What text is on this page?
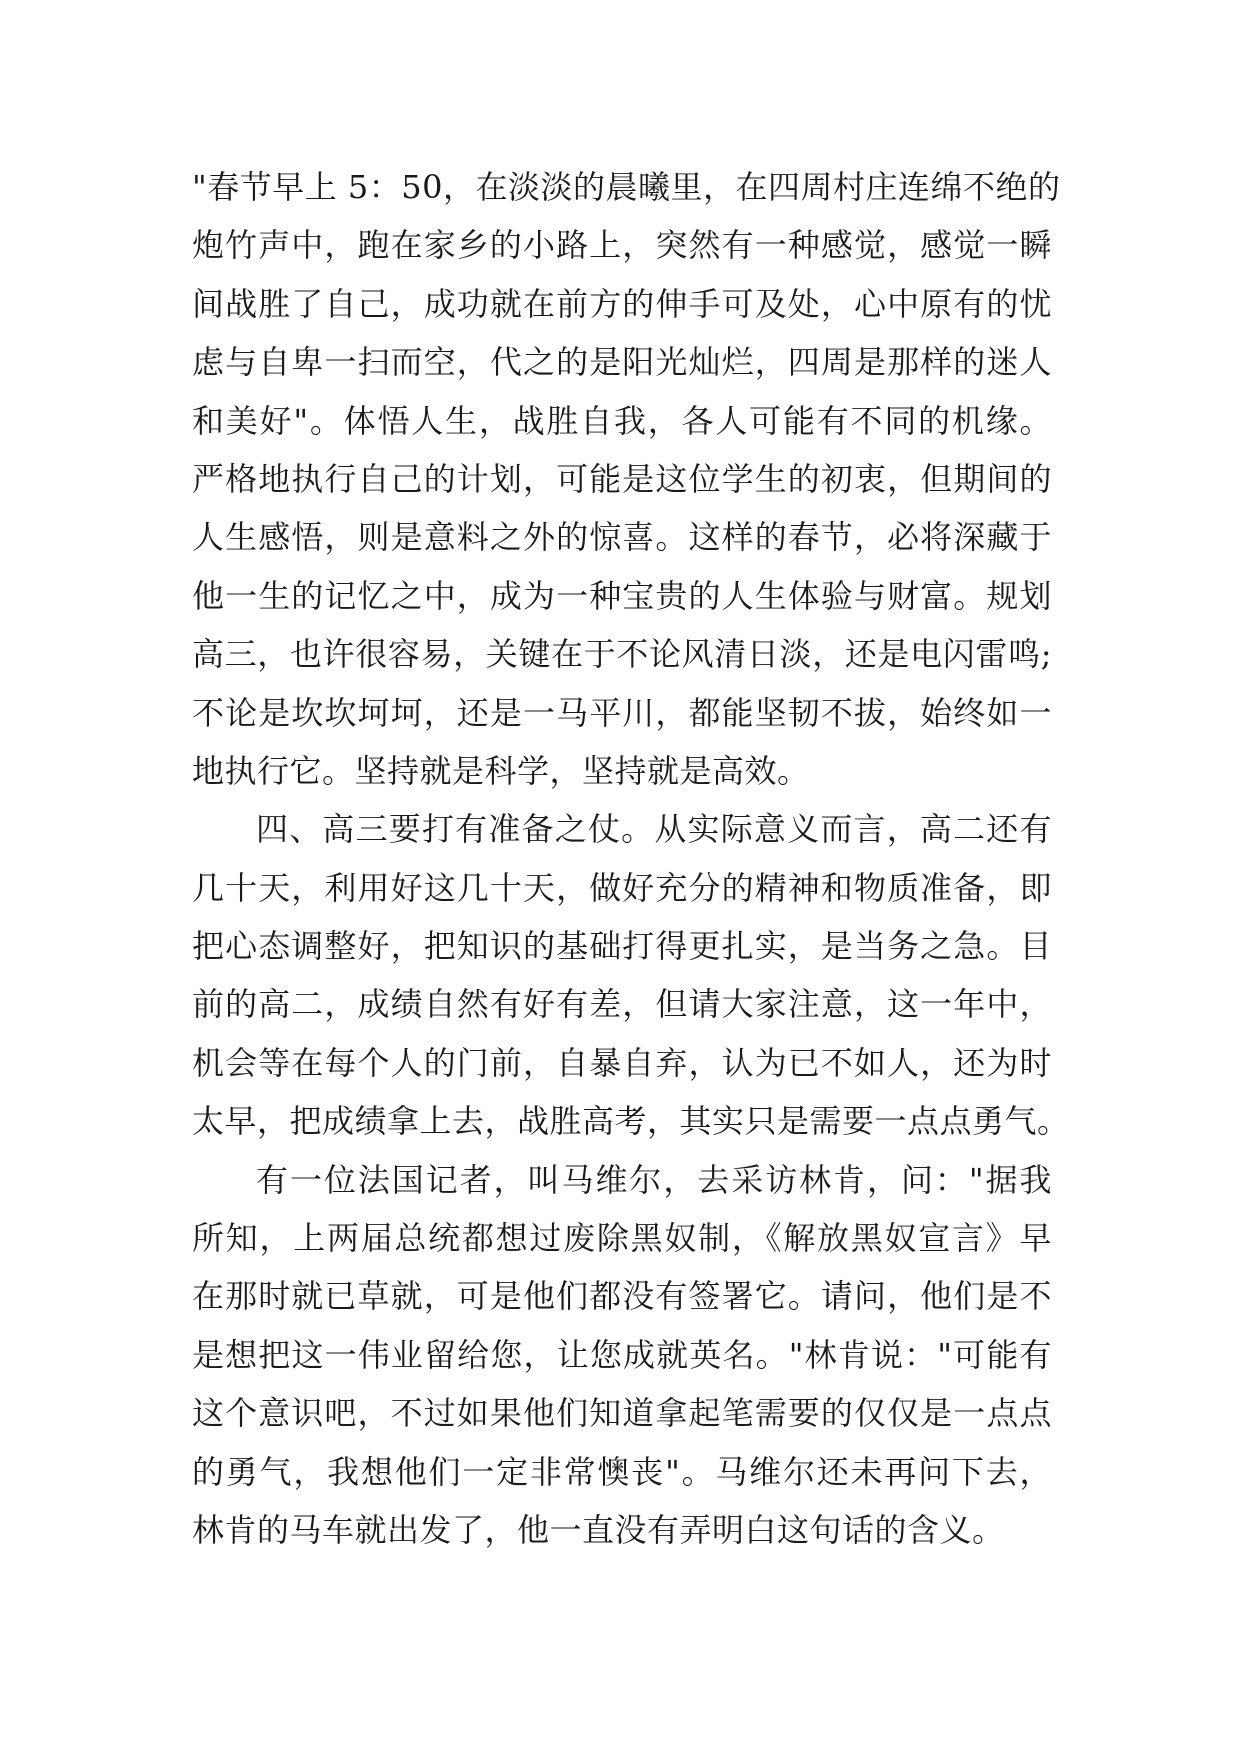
"春节早上 5：50，在淡淡的晨曦里，在四周村庄连绵不绝的
炮竹声中，跑在家乡的小路上，突然有一种感觉，感觉一瞬
间战胜了自己，成功就在前方的伸手可及处，心中原有的忧
虑与自卑一扫而空，代之的是阳光灿烂，四周是那样的迷人
和美好"。体悟人生，战胜自我，各人可能有不同的机缘。
严格地执行自己的计划，可能是这位学生的初衷，但期间的
人生感悟，则是意料之外的惊喜。这样的春节，必将深藏于
他一生的记忆之中，成为一种宝贵的人生体验与财富。规划
高三，也许很容易，关键在于不论风清日淡，还是电闪雷鸣;
不论是坎坎坷坷，还是一马平川，都能坚韧不拔，始终如一
地执行它。坚持就是科学，坚持就是高效。
四、高三要打有准备之仗。从实际意义而言，高二还有
几十天，利用好这几十天，做好充分的精神和物质准备，即
把心态调整好，把知识的基础打得更扎实，是当务之急。目
前的高二，成绩自然有好有差，但请大家注意，这一年中，
机会等在每个人的门前，自暴自弃，认为已不如人，还为时
太早，把成绩拿上去，战胜高考，其实只是需要一点点勇气。
有一位法国记者，叫马维尔，去采访林肯，问："据我
所知，上两届总统都想过废除黑奴制，《解放黑奴宣言》早
在那时就已草就，可是他们都没有签署它。请问，他们是不
是想把这一伟业留给您，让您成就英名。"林肯说："可能有
这个意识吧，不过如果他们知道拿起笔需要的仅仅是一点点
的勇气，我想他们一定非常懊丧"。马维尔还未再问下去，
林肯的马车就出发了，他一直没有弄明白这句话的含义。
